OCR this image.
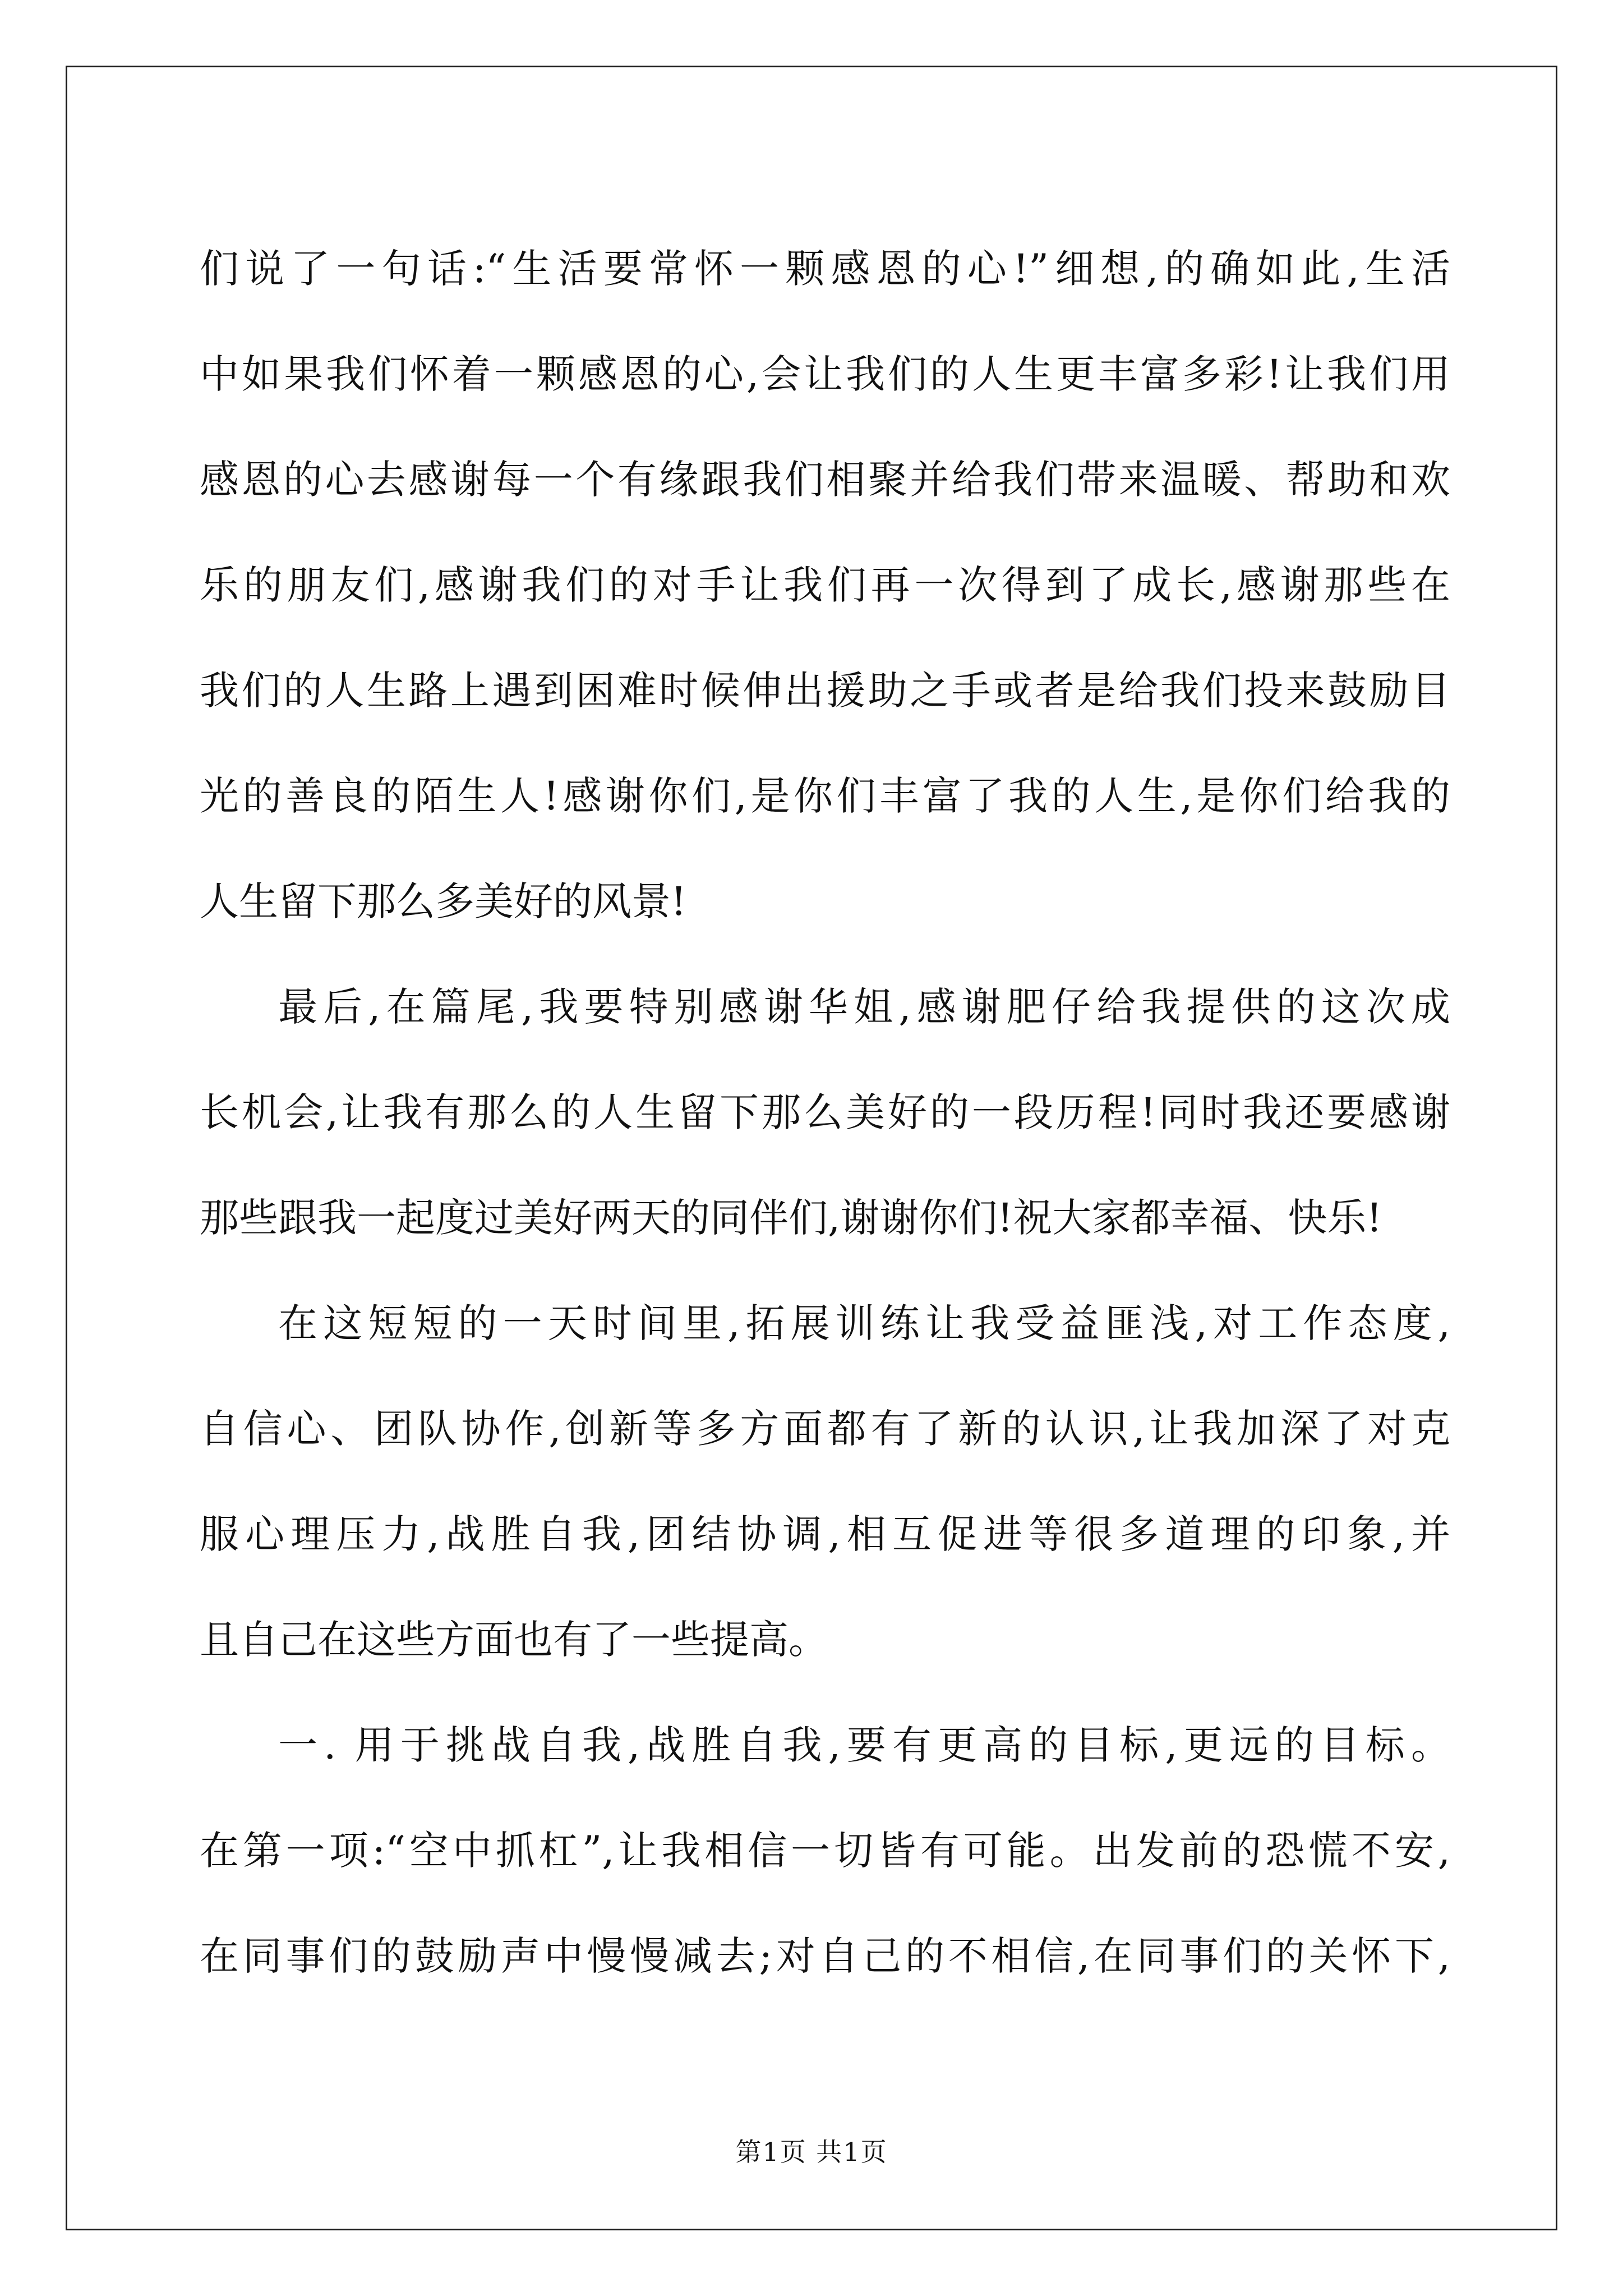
们说了一句话:“生活要常怀一颗感恩的心!”细想,的确如此,生活
中如果我们怀着一颗感恩的心,会让我们的人生更丰富多彩!让我们用
感恩的心去感谢每一个有缘跟我们相聚并给我们带来温暖、帮助和欢
乐的朋友们,感谢我们的对手让我们再一次得到了成长,感谢那些在
我们的人生路上遇到困难时候伸出援助之手或者是给我们投来鼓励目
光的善良的陌生人!感谢你们,是你们丰富了我的人生,是你们给我的
人生留下那么多美好的风景!
最后,在篇尾,我要特别感谢华姐,感谢肥仔给我提供的这次成
长机会,让我有那么的人生留下那么美好的一段历程!同时我还要感谢
那些跟我一起度过美好两天的同伴们,谢谢你们!祝大家都幸福、快乐!
在这短短的一天时间里,拓展训练让我受益匪浅,对工作态度,
自信心、团队协作,创新等多方面都有了新的认识,让我加深了对克
服心理压力,战胜自我,团结协调,相互促进等很多道理的印象,并
且自己在这些方面也有了一些提高。
一. 用于挑战自我,战胜自我,要有更高的目标,更远的目标。
在第一项:“空中抓杠”,让我相信一切皆有可能。出发前的恐慌不安,
在同事们的鼓励声中慢慢减去;对自己的不相信,在同事们的关怀下,
第1页 共1页
